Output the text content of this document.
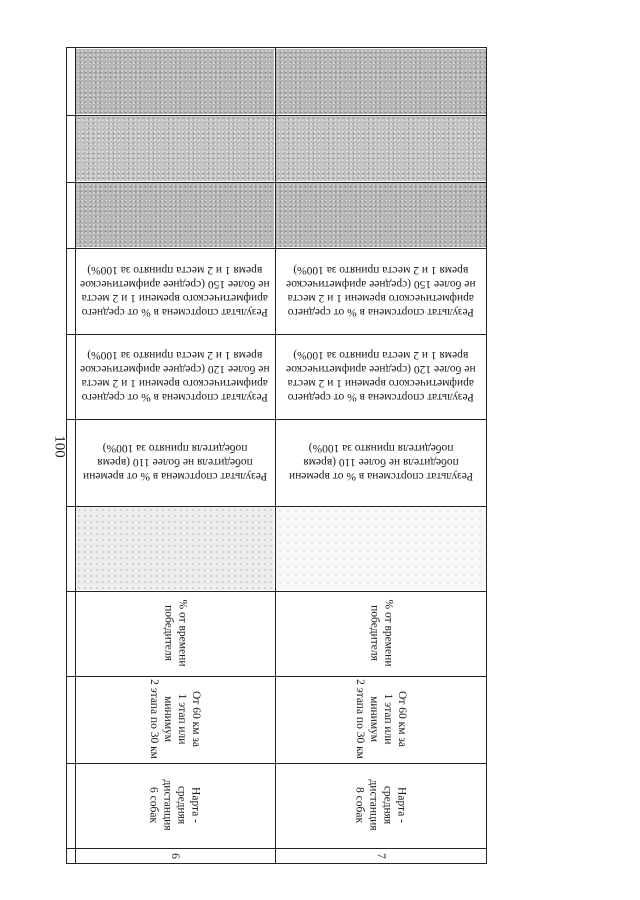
100
Результат спортсмена в % от среднего
арифметического времени 1 и 2 места
не более 150 (среднее арифметическое
время 1 и 2 места принято за 100%)
Результат спортсмена в % от среднего
арифметического времени 1 и 2 места
не более 120 (среднее арифметическое
время 1 и 2 места принято за 100%)
Результат спортсмена в % от времени
победителя не более 110 (время
победителя принято за 100%)
% от времени
победителя
От 60 км за
1 этап или
минимум
2 этапа по 30 км
Нарта -
средняя
дистанция
6 собак
6
Результат спортсмена в % от среднего
арифметического времени 1 и 2 места
не более 150 (среднее арифметическое
время 1 и 2 места принято за 100%)
Результат спортсмена в % от среднего
арифметического времени 1 и 2 места
не более 120 (среднее арифметическое
время 1 и 2 места принято за 100%)
Результат спортсмена в % от времени
победителя не более 110 (время
победителя принято за 100%)
% от времени
победителя
От 60 км за
1 этап или
минимум
2 этапа по 30 км
Нарта -
средняя
дистанция
8 собак
7
